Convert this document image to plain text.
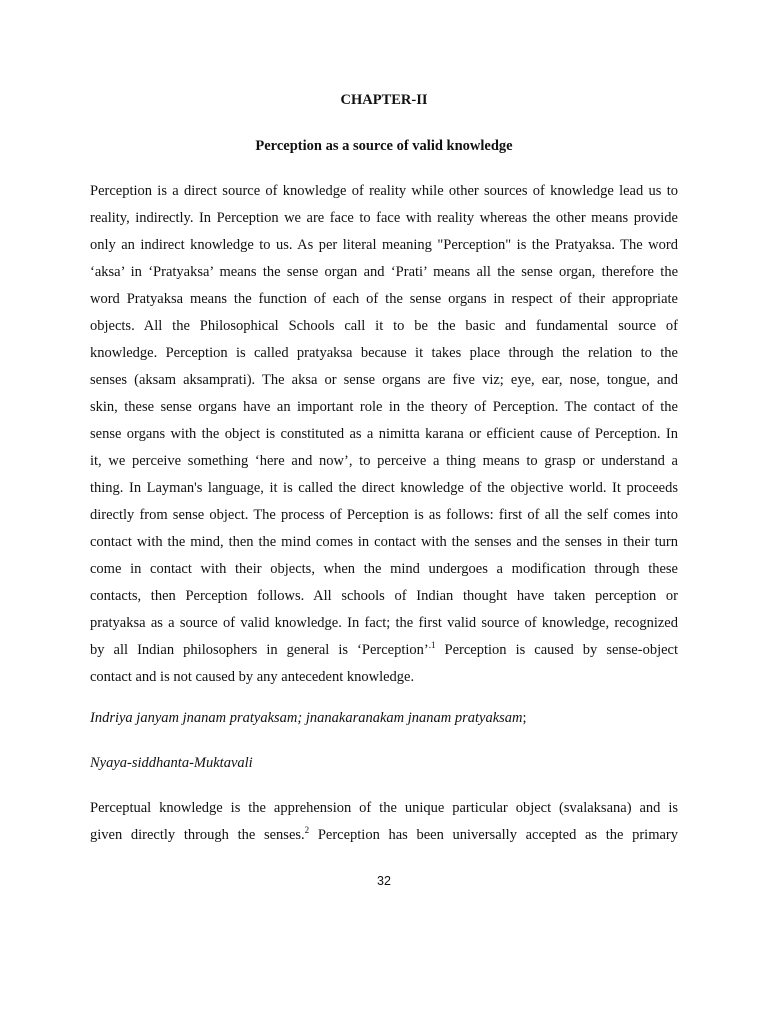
CHAPTER-II
Perception as a source of valid knowledge
Perception is a direct source of knowledge of reality while other sources of knowledge lead us to
reality, indirectly. In Perception we are face to face with reality whereas the other means provide
only an indirect knowledge to us. As per literal meaning "Perception" is the Pratyaksa. The word
‘aksa’ in ‘Pratyaksa’ means the sense organ and ‘Prati’ means all the sense organ, therefore the
word Pratyaksa means the function of each of the sense organs in respect of their appropriate
objects. All the Philosophical Schools call it to be the basic and fundamental source of
knowledge. Perception is called pratyaksa because it takes place through the relation to the
senses (aksam aksamprati). The aksa or sense organs are five viz; eye, ear, nose, tongue, and
skin, these sense organs have an important role in the theory of Perception. The contact of the
sense organs with the object is constituted as a nimitta karana or efficient cause of Perception. In
it, we perceive something ‘here and now’, to perceive a thing means to grasp or understand a
thing. In Layman's language, it is called the direct knowledge of the objective world. It proceeds
directly from sense object. The process of Perception is as follows: first of all the self comes into
contact with the mind, then the mind comes in contact with the senses and the senses in their turn
come in contact with their objects, when the mind undergoes a modification through these
contacts, then Perception follows. All schools of Indian thought have taken perception or
pratyaksa as a source of valid knowledge. In fact; the first valid source of knowledge, recognized
by all Indian philosophers in general is ‘Perception’$^{.1}$ Perception is caused by sense-object
contact and is not caused by any antecedent knowledge.
Indriya janyam jnanam pratyaksam; jnanakaranakam jnanam pratyaksam;
Nyaya-siddhanta-Muktavali
Perceptual knowledge is the apprehension of the unique particular object (svalaksana) and is
given directly through the senses.$^2$ Perception has been universally accepted as the primary
32
